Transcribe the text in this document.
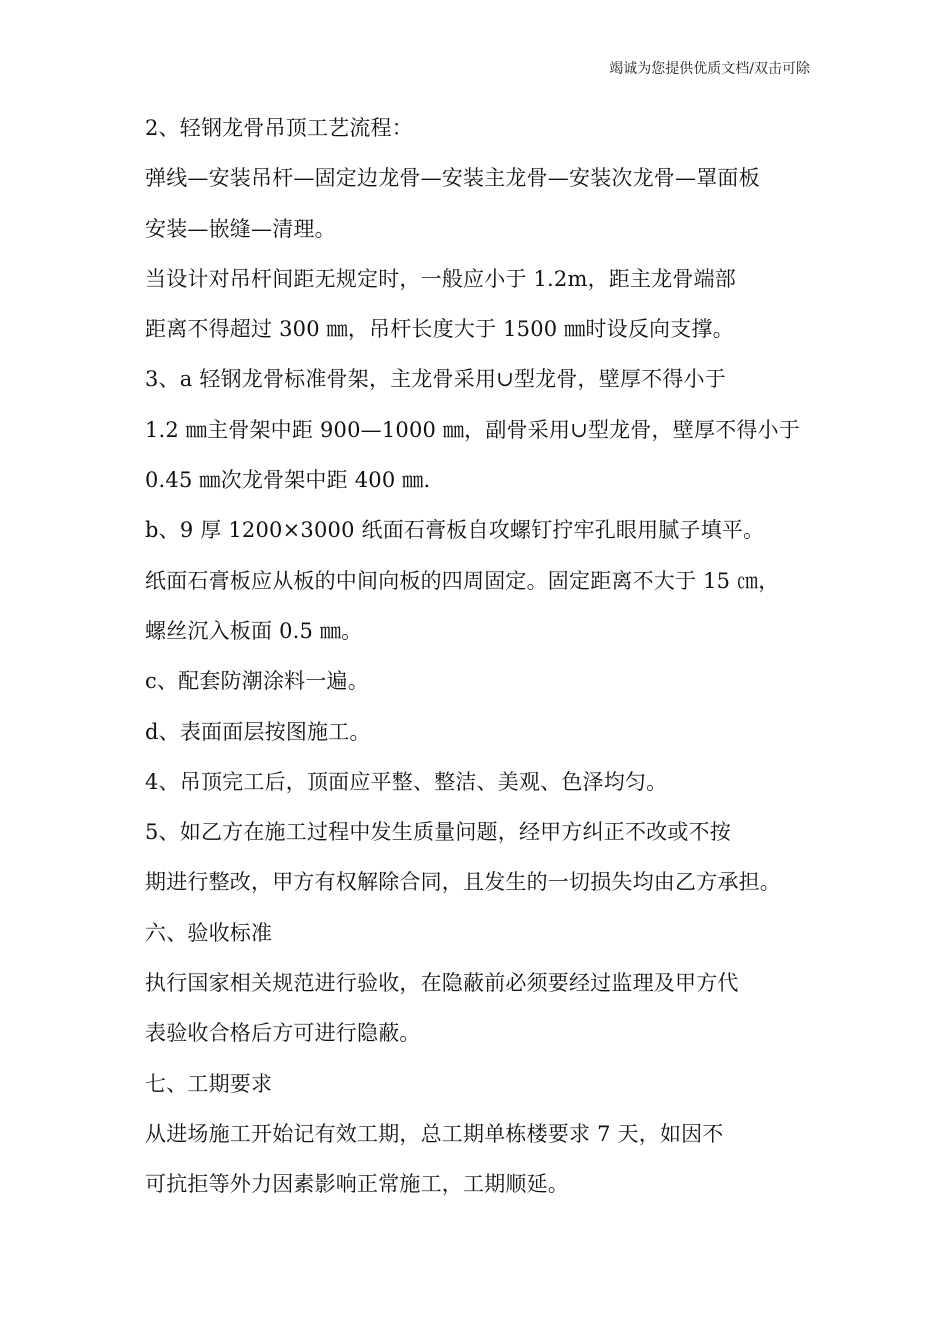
竭诚为您提供优质文档/双击可除
2、轻钢龙骨吊顶工艺流程：
弹线—安装吊杆—固定边龙骨—安装主龙骨—安装次龙骨—罩面板
安装—嵌缝—清理。
当设计对吊杆间距无规定时，一般应小于 1.2m，距主龙骨端部
距离不得超过 300 ㎜，吊杆长度大于 1500 ㎜时设反向支撑。
3、a 轻钢龙骨标准骨架，主龙骨采用∪型龙骨，壁厚不得小于
1.2 ㎜主骨架中距 900—1000 ㎜，副骨采用∪型龙骨，壁厚不得小于
0.45 ㎜次龙骨架中距 400 ㎜.
b、9 厚 1200×3000 纸面石膏板自攻螺钉拧牢孔眼用腻子填平。
纸面石膏板应从板的中间向板的四周固定。固定距离不大于 15 ㎝，
螺丝沉入板面 0.5 ㎜。
c、配套防潮涂料一遍。
d、表面面层按图施工。
4、吊顶完工后，顶面应平整、整洁、美观、色泽均匀。
5、如乙方在施工过程中发生质量问题，经甲方纠正不改或不按
期进行整改，甲方有权解除合同，且发生的一切损失均由乙方承担。
六、验收标准
执行国家相关规范进行验收，在隐蔽前必须要经过监理及甲方代
表验收合格后方可进行隐蔽。
七、工期要求
从进场施工开始记有效工期，总工期单栋楼要求 7 天，如因不
可抗拒等外力因素影响正常施工，工期顺延。
